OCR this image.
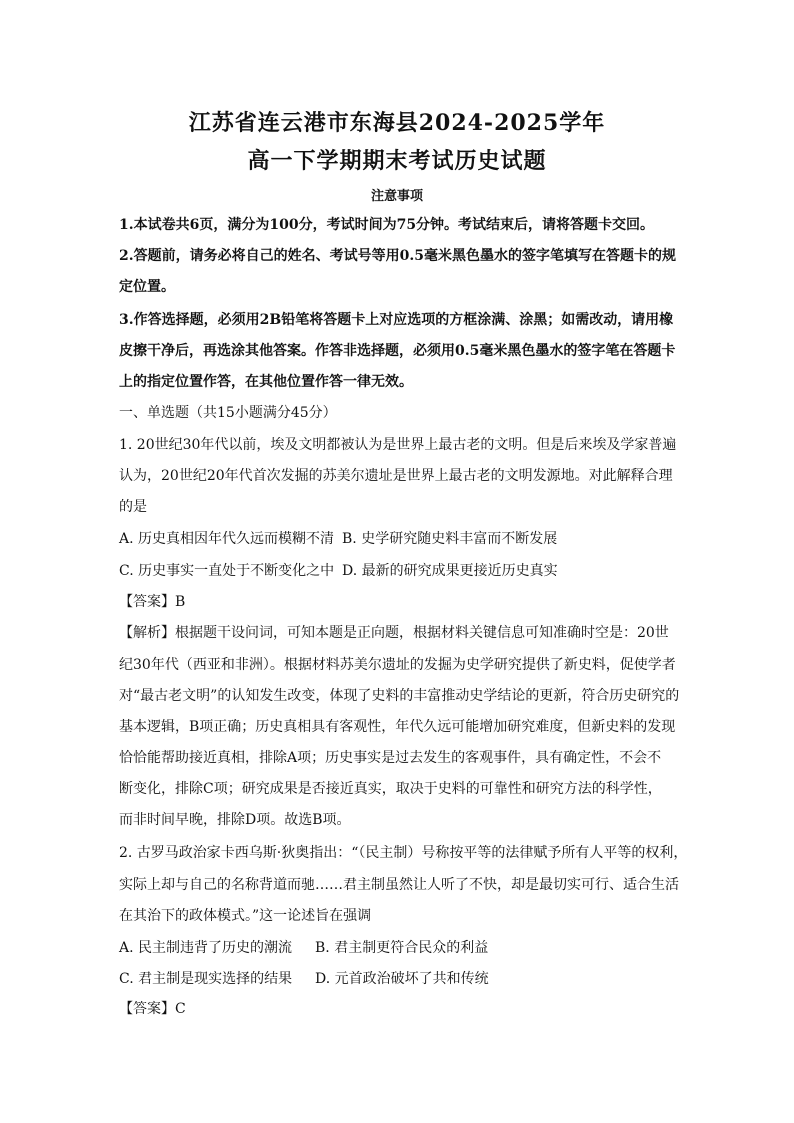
江苏省连云港市东海县2024-2025学年
高一下学期期末考试历史试题
注意事项
1.本试卷共6页，满分为100分，考试时间为75分钟。考试结束后，请将答题卡交回。
2.答题前，请务必将自己的姓名、考试号等用0.5毫米黑色墨水的签字笔填写在答题卡的规
定位置。
3.作答选择题，必须用2B铅笔将答题卡上对应选项的方框涂满、涂黑；如需改动，请用橡
皮擦干净后，再选涂其他答案。作答非选择题，必须用0.5毫米黑色墨水的签字笔在答题卡
上的指定位置作答，在其他位置作答一律无效。
一、单选题（共15小题满分45分）
1. 20世纪30年代以前，埃及文明都被认为是世界上最古老的文明。但是后来埃及学家普遍
认为，20世纪20年代首次发掘的苏美尔遗址是世界上最古老的文明发源地。对此解释合理
的是
A. 历史真相因年代久远而模糊不清 B. 史学研究随史料丰富而不断发展
C. 历史事实一直处于不断变化之中 D. 最新的研究成果更接近历史真实
【答案】B
【解析】根据题干设问词，可知本题是正向题，根据材料关键信息可知准确时空是：20世
纪30年代（西亚和非洲）。根据材料苏美尔遗址的发掘为史学研究提供了新史料，促使学者
对“最古老文明”的认知发生改变，体现了史料的丰富推动史学结论的更新，符合历史研究的
基本逻辑，B项正确；历史真相具有客观性，年代久远可能增加研究难度，但新史料的发现
恰恰能帮助接近真相，排除A项；历史事实是过去发生的客观事件，具有确定性，不会不
断变化，排除C项；研究成果是否接近真实，取决于史料的可靠性和研究方法的科学性，
而非时间早晚，排除D项。故选B项。
2. 古罗马政治家卡西乌斯·狄奥指出：“（民主制）号称按平等的法律赋予所有人平等的权利，
实际上却与自己的名称背道而驰……君主制虽然让人听了不快，却是最切实可行、适合生活
在其治下的政体模式。”这一论述旨在强调
A. 民主制违背了历史的潮流 B. 君主制更符合民众的利益
C. 君主制是现实选择的结果 D. 元首政治破坏了共和传统
【答案】C
